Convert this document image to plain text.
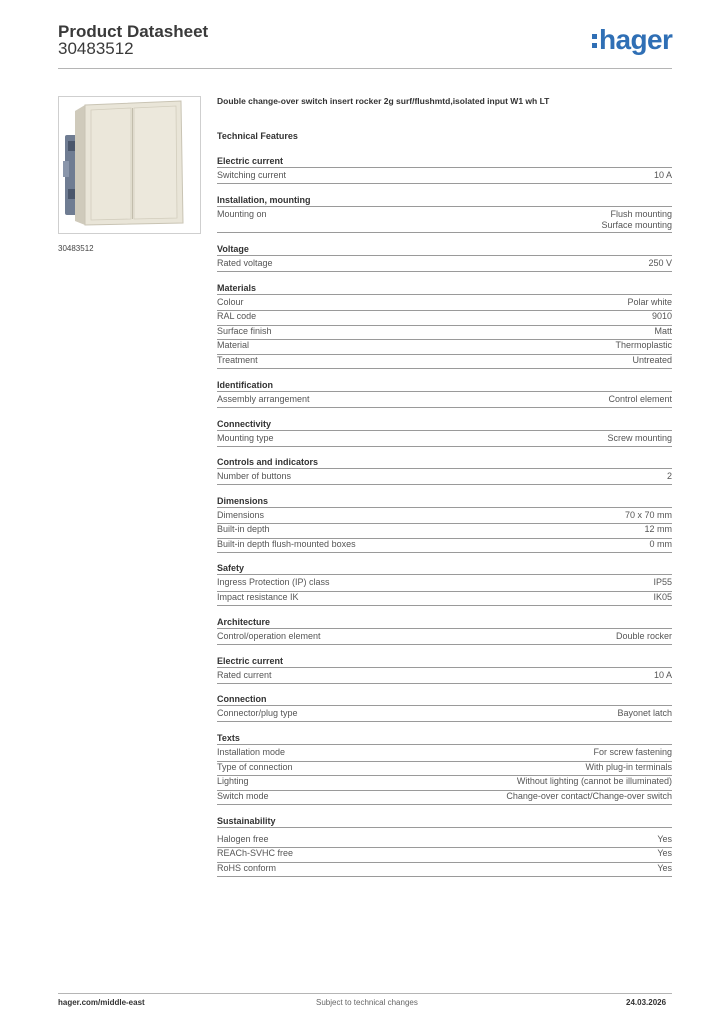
Product Datasheet
30483512	hager
30483512
Double change-over switch insert rocker 2g surf/flushmtd,isolated input W1 wh LT
Technical Features
Electric current
Switching current	10 A
Installation, mounting
Mounting on	Flush mounting
Surface mounting
Voltage
Rated voltage	250 V
Materials
Colour	Polar white
RAL code	9010
Surface finish	Matt
Material	Thermoplastic
Treatment	Untreated
Identification
Assembly arrangement	Control element
Connectivity
Mounting type	Screw mounting
Controls and indicators
Number of buttons	2
Dimensions
Dimensions	70 x 70 mm
Built-in depth	12 mm
Built-in depth flush-mounted boxes	0 mm
Safety
Ingress Protection (IP) class	IP55
Impact resistance IK	IK05
Architecture
Control/operation element	Double rocker
Electric current
Rated current	10 A
Connection
Connector/plug type	Bayonet latch
Texts
Installation mode	For screw fastening
Type of connection	With plug-in terminals
Lighting	Without lighting (cannot be illuminated)
Switch mode	Change-over contact/Change-over switch
Sustainability
Halogen free	Yes
REACh-SVHC free	Yes
RoHS conform	Yes
hager.com/middle-east	Subject to technical changes	24.03.2026
